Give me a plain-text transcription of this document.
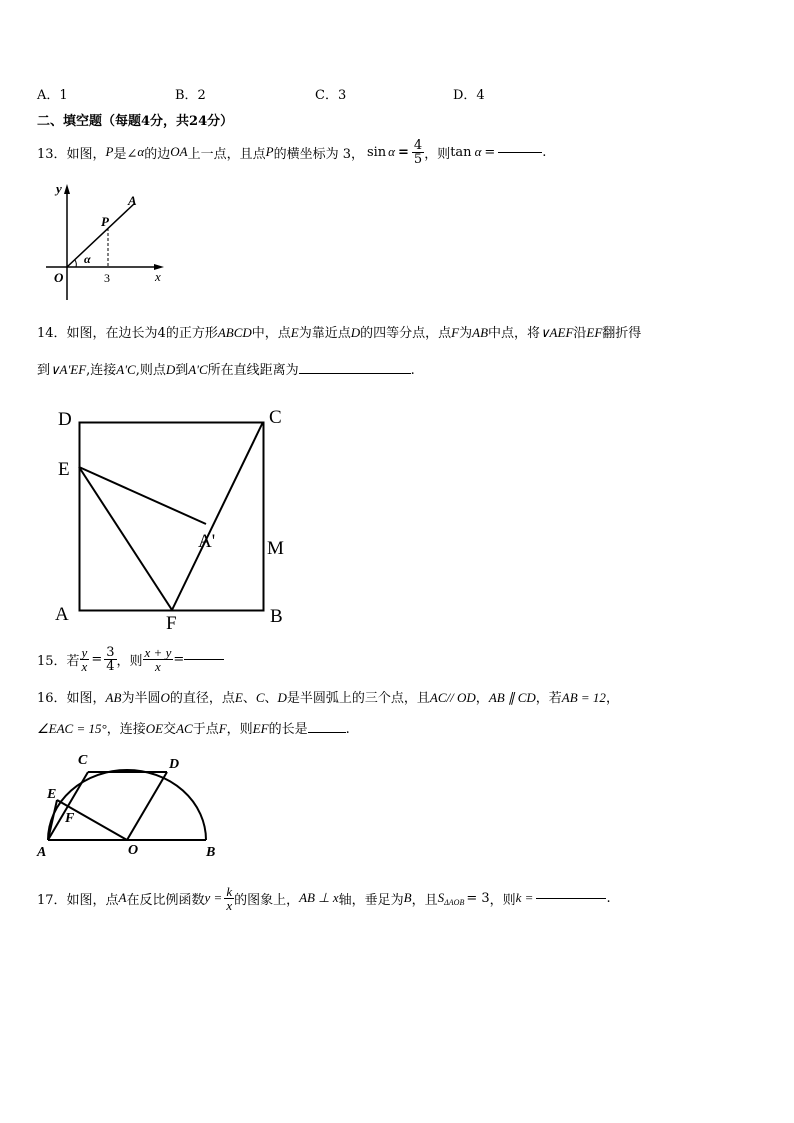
A．1	B．2	C．3	D．4
二、填空题（每题4分，共24分）
13．如图， P 是∠ α 的边 OA 上一点，且点 P 的横坐标为 3， $\sin \alpha = \frac{4}{5}$ ，则 tan α =	.
y
A
P
α
O	3	x
14．如图，在边长为4的正方形ABCD中，点E为靠近点D的四等分点，点F为AB中点，将∨AEF沿EF翻折得
到∨A'EF,连接A'C,则点D到A'C所在直线距离为	.
D	C
E
A'	M
A	F	B
15．若 $\frac{y}{x} = \frac{3}{4}$ ，则 $\frac{x + y}{x}$ =
16．如图，AB为半圆O的直径，点E、C、D是半圆弧上的三个点，且AC// OD，AB ∥ CD，若AB = 12，
∠EAC = 15°，连接OE交AC于点F，则EF的长是	.
C	D
E
F
A	O	B
17．如图，点 A 在反比例函数 $y = \frac{k}{x}$ 的图象上， AB ⊥ x 轴，垂足为 B ，且 S ΔAOB = 3 ，则 k =	.
